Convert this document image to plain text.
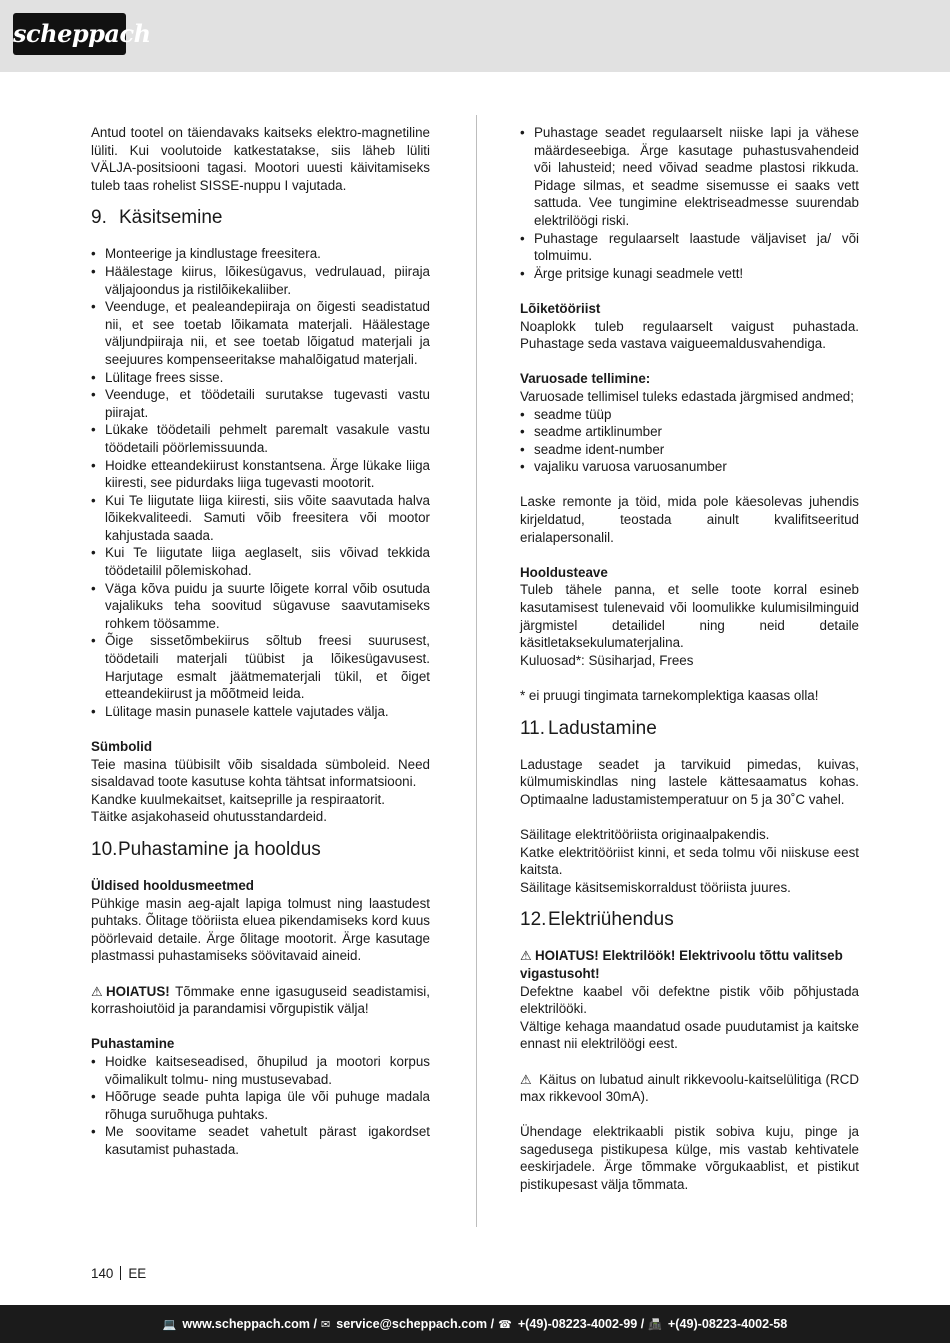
scheppach

Antud tootel on täiendavaks kaitseks elektro-magnetiline lüliti. Kui voolutoide katkestatakse, siis läheb lüliti VÄLJA-positsiooni tagasi. Mootori uuesti käivitamiseks tuleb taas rohelist SISSE-nuppu I vajutada.

9. Käsitsemine
• Monteerige ja kindlustage freesitera.
• Häälestage kiirus, lõikesügavus, vedrulauad, piiraja väljajoondus ja ristilõikekaliiber.
• Veenduge, et pealeandepiiraja on õigesti seadistatud nii, et see toetab lõikamata materjali. Häälestage väljundpiiraja nii, et see toetab lõigatud materjali ja seejuures kompenseeritakse mahalõigatud materjali.
• Lülitage frees sisse.
• Veenduge, et töödetaili surutakse tugevasti vastu piirajat.
• Lükake töödetaili pehmelt paremalt vasakule vastu töödetaili pöörlemissuunda.
• Hoidke etteandekiirust konstantsena. Ärge lükake liiga kiiresti, see pidurdaks liiga tugevasti mootorit.
• Kui Te liigutate liiga kiiresti, siis võite saavutada halva lõikekvaliteedi. Samuti võib freesitera või mootor kahjustada saada.
• Kui Te liigutate liiga aeglaselt, siis võivad tekkida töödetailil põlemiskohad.
• Väga kõva puidu ja suurte lõigete korral võib osutuda vajalikuks teha soovitud sügavuse saavutamiseks rohkem töösamme.
• Õige sissetõmbekiirus sõltub freesi suurusest, töödetaili materjali tüübist ja lõikesügavusest. Harjutage esmalt jäätmematerjali tükil, et õiget etteandekiirust ja mõõtmeid leida.
• Lülitage masin punasele kattele vajutades välja.

Sümbolid

Teie masina tüübisilt võib sisaldada sümboleid. Need sisaldavad toote kasutuse kohta tähtsat informatsiooni.

Kandke kuulmekaitset, kaitseprille ja respiraatorit.

Täitke asjakohaseid ohutusstandardeid.

10. Puhastamine ja hooldus

Üldised hooldusmeetmed

Pühkige masin aeg-ajalt lapiga tolmust ning laastudest puhtaks. Õlitage tööriista eluea pikendamiseks kord kuus pöörlevaid detaile. Ärge õlitage mootorit. Ärge kasutage plastmassi puhastamiseks söövitavaid aineid.

⚠ HOIATUS! Tõmmake enne igasuguseid seadistamisi, korrashoiutöid ja parandamisi võrgupistik välja!

Puhastamine

• Hoidke kaitseseadised, õhupilud ja mootori korpus võimalikult tolmu- ning mustusevabad.
• Hõõruge seade puhta lapiga üle või puhuge madala rõhuga suruõhuga puhtaks.
• Me soovitame seadet vahetult pärast igakordset kasutamist puhastada.
• Puhastage seadet regulaarselt niiske lapi ja vähese määrdeseebiga. Ärge kasutage puhastusvahendeid või lahusteid; need võivad seadme plastosi rikkuda. Pidage silmas, et seadme sisemusse ei saaks vett sattuda. Vee tungimine elektriseadmesse suurendab elektrilöögi riski.
• Puhastage regulaarselt laastude väljaviset ja/ või tolmuimu.
• Ärge pritsige kunagi seadmele vett!

Lõiketööriist

Noaplokk tuleb regulaarselt vaigust puhastada. Puhastage seda vastava vaigueemaldusvahendiga.

Varuosade tellimine:

Varuosade tellimisel tuleks edastada järgmised andmed;

• seadme tüüp
• seadme artiklinumber
• seadme ident-number
• vajaliku varuosa varuosanumber

Laske remonte ja töid, mida pole käesolevas juhendis kirjeldatud, teostada ainult kvalifitseeritud erialapersonalil.

Hooldusteave

Tuleb tähele panna, et selle toote korral esineb kasutamisest tulenevaid või loomulikke kulumisilminguid järgmistel detailidel ning neid detaile käsitletaksekulumaterjalina.

Kuluosad*: Süsiharjad, Frees

* ei pruugi tingimata tarnekomplektiga kaasas olla!

11. Ladustamine

Ladustage seadet ja tarvikuid pimedas, kuivas, külmumiskindlas ning lastele kättesaamatus kohas. Optimaalne ladustamistemperatuur on 5 ja 30˚C vahel.

Säilitage elektritööriista originaalpakendis.

Katke elektritööriist kinni, et seda tolmu või niiskuse eest kaitsta.

Säilitage käsitsemiskorraldust tööriista juures.

12. Elektriühendus

⚠ HOIATUS! Elektrilöök! Elektrivoolu tõttu valitseb vigastusoht!

Defektne kaabel või defektne pistik võib põhjustada elektrilööki.

Vältige kehaga maandatud osade puudutamist ja kaitske ennast nii elektrilöögi eest.

⚠ Käitus on lubatud ainult rikkevoolu-kaitselülitiga (RCD max rikkevool 30mA).

Ühendage elektrikaabli pistik sobiva kuju, pinge ja sagedusega pistikupesa külge, mis vastab kehtivatele eeskirjadele. Ärge tõmmake võrgukaablist, et pistikut pistikupesast välja tõmmata.

140 EE
💻 www.scheppach.com / ✉ service@scheppach.com / ☎ +(49)-08223-4002-99 / 📠 +(49)-08223-4002-58
